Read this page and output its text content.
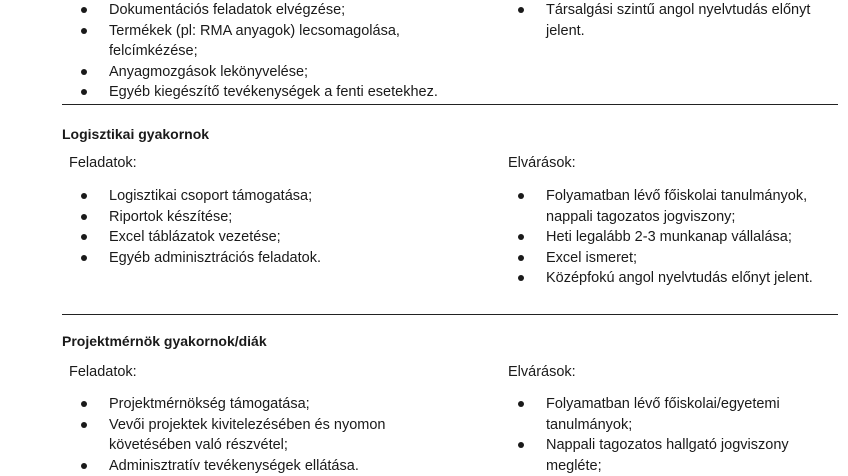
Dokumentációs feladatok elvégzése;
Termékek (pl: RMA anyagok) lecsomagolása, felcímkézése;
Anyagmozgások lekönyvelése;
Egyéb kiegészítő tevékenységek a fenti esetekhez.
Társalgási szintű angol nyelvtudás előnyt jelent.
Logisztikai gyakornok
Feladatok:	Elvárások:
Logisztikai csoport támogatása;
Riportok készítése;
Excel táblázatok vezetése;
Egyéb adminisztrációs feladatok.
Folyamatban lévő főiskolai tanulmányok, nappali tagozatos jogviszony;
Heti legalább 2-3 munkanap vállalása;
Excel ismeret;
Középfokú angol nyelvtudás előnyt jelent.
Projektmérnök gyakornok/diák
Feladatok:	Elvárások:
Projektmérnökség támogatása;
Vevői projektek kivitelezésében és nyomon követésében való részvétel;
Adminisztratív tevékenységek ellátása.
Folyamatban lévő főiskolai/egyetemi tanulmányok;
Nappali tagozatos hallgató jogviszony megléte;
